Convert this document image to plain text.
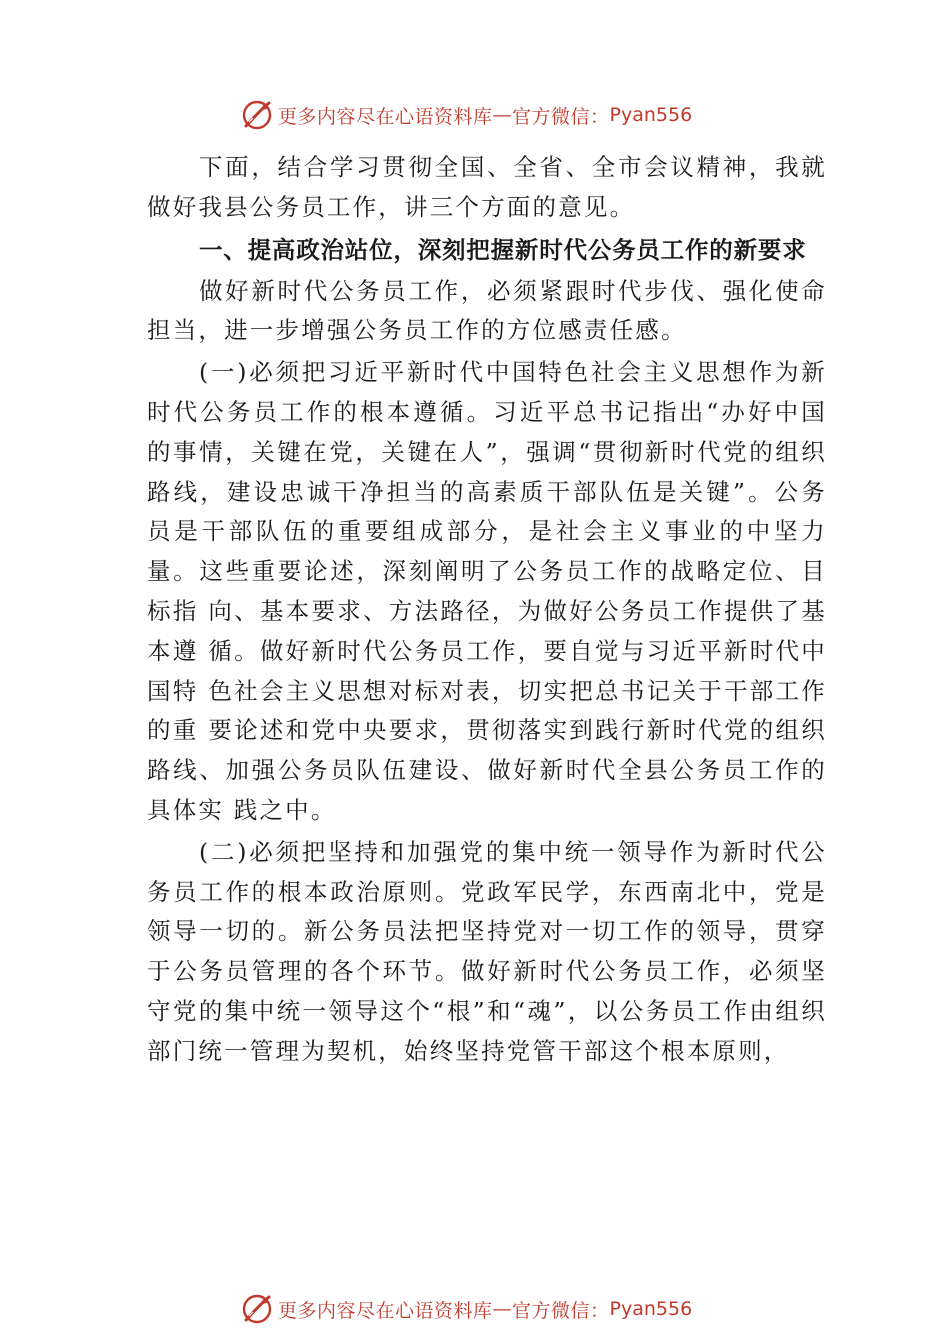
更多内容尽在心语资料库 — 官方微信： Pyan556

下面，结合学习贯彻全国、全省、全市会议精神，我就做好我县公务员工作，讲三个方面的意见。

一、提高政治站位，深刻把握新时代公务员工作的新要求

做好新时代公务员工作，必须紧跟时代步伐、强化使命担当，进一步增强公务员工作的方位感责任感。

(一)必须把习近平新时代中国特色社会主义思想作为新时代公务员工作的根本遵循。习近平总书记指出“办好中国的事情，关键在党，关键在人”，强调“贯彻新时代党的组织 路线，建设忠诚干净担当的高素质干部队伍是关键”。公务员是干部队伍的重要组成部分，是社会主义事业的中坚力量。这些重要论述，深刻阐明了公务员工作的战略定位、目标指 向、基本要求、方法路径，为做好公务员工作提供了基本遵 循。做好新时代公务员工作，要自觉与习近平新时代中国特 色社会主义思想对标对表，切实把总书记关于干部工作的重 要论述和党中央要求，贯彻落实到践行新时代党的组织路线、加强公务员队伍建设、做好新时代全县公务员工作的具体实 践之中。

(二)必须把坚持和加强党的集中统一领导作为新时代公务员工作的根本政治原则。党政军民学，东西南北中，党是领导一切的。新公务员法把坚持党对一切工作的领导，贯穿于公务员管理的各个环节。做好新时代公务员工作，必须坚守党的集中统一领导这个“根”和“魂”，以公务员工作由组织部门统一管理为契机，始终坚持党管干部这个根本原则，

更多内容尽在心语资料库 — 官方微信： Pyan556
